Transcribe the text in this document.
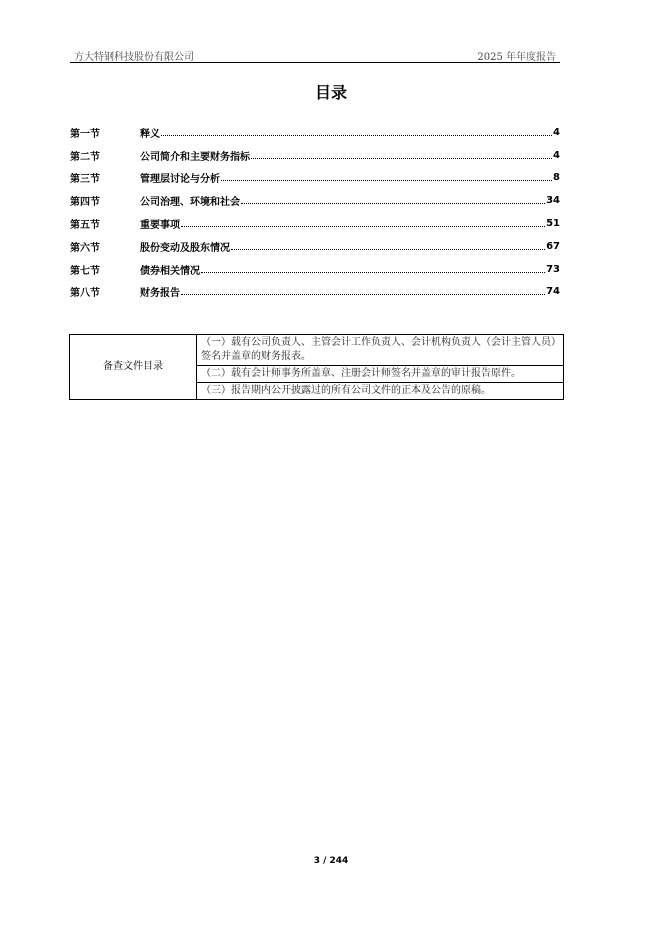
方大特钢科技股份有限公司	2025 年年度报告
目录
第一节	释义	4
第二节	公司简介和主要财务指标	4
第三节	管理层讨论与分析	8
第四节	公司治理、环境和社会	34
第五节	重要事项	51
第六节	股份变动及股东情况	67
第七节	债券相关情况	73
第八节	财务报告	74
备查文件目录	（一）载有公司负责人、主管会计工作负责人、会计机构负责人（会计主管人员）签名并盖章的财务报表。
（二）载有会计师事务所盖章、注册会计师签名并盖章的审计报告原件。
（三）报告期内公开披露过的所有公司文件的正本及公告的原稿。
3 / 244
